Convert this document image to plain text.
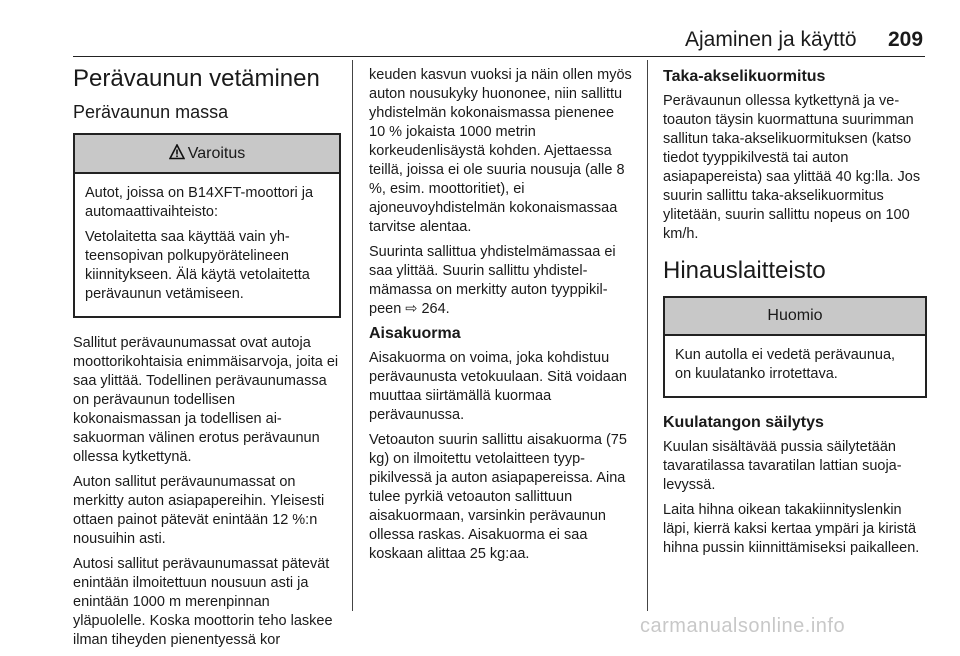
Ajaminen ja käyttö 209
Perävaunun vetäminen
Perävaunun massa
Varoitus

Autot, joissa on B14XFT-moottori ja automaattivaihteisto:

Vetolaitetta saa käyttää vain yhteensopivan polkupyörätelineen kiinnitykseen. Älä käytä vetolaitetta perävaunun vetämiseen.

Sallitut perävaunumassat ovat autoja moottorikohtaisia enimmäisarvoja, joita ei saa ylittää. Todellinen perävaunumassa on perävaunun todellisen kokonaismassan ja todellisen aisakuorman välinen erotus perävaunun ollessa kytkettynä.

Auton sallitut perävaunumassat on merkitty auton asiapapereihin. Yleisesti ottaen painot pätevät enintään 12 %:n nousuihin asti.

Autosi sallitut perävaunumassat pätevät enintään ilmoitettuun nousuun asti ja enintään 1000 m merenpinnan yläpuolelle. Koska moottorin teho laskee ilman tiheyden pienentyessä kor

keuden kasvun vuoksi ja näin ollen myös auton nousukyky huononee, niin sallittu yhdistelmän kokonaismassa pienenee 10 % jokaista 1000 metrin korkeudenlisäystä kohden. Ajettaessa teillä, joissa ei ole suuria nousuja (alle 8 %, esim. moottoritiet), ei ajoneuvoyhdistelmän kokonaismassaa tarvitse alentaa.

Suurinta sallittua yhdistelmämassaa ei saa ylittää. Suurin sallittu yhdistelmämassa on merkitty auton tyyppikilpeen ⇨ 264.

Aisakuorma

Aisakuorma on voima, joka kohdistuu perävaunusta vetokuulaan. Sitä voidaan muuttaa siirtämällä kuormaa perävaunussa.

Vetoauton suurin sallittu aisakuorma (75 kg) on ilmoitettu vetolaitteen tyyppikilvessä ja auton asiapapereissa. Aina tulee pyrkiä vetoauton sallittuun aisakuormaan, varsinkin perävaunun ollessa raskas. Aisakuorma ei saa koskaan alittaa 25 kg:aa.

Taka-akselikuormitus

Perävaunun ollessa kytkettynä ja vetoauton täysin kuormattuna suurimman sallitun taka-akselikuormituksen (katso tiedot tyyppikilvestä tai auton asiapapereista) saa ylittää 40 kg:lla. Jos suurin sallittu taka-akselikuormitus ylitetään, suurin sallittu nopeus on 100 km/h.

Hinauslaitteisto
Huomio

Kun autolla ei vedetä perävaunua, on kuulatanko irrotettava.

Kuulatangon säilytys

Kuulan sisältävää pussia säilytetään tavaratilassa tavaratilan lattian suojalevyssä.

Laita hihna oikean takakiinnityslenkin läpi, kierrä kaksi kertaa ympäri ja kiristä hihna pussin kiinnittämiseksi paikalleen.

carmanualsonline.info
